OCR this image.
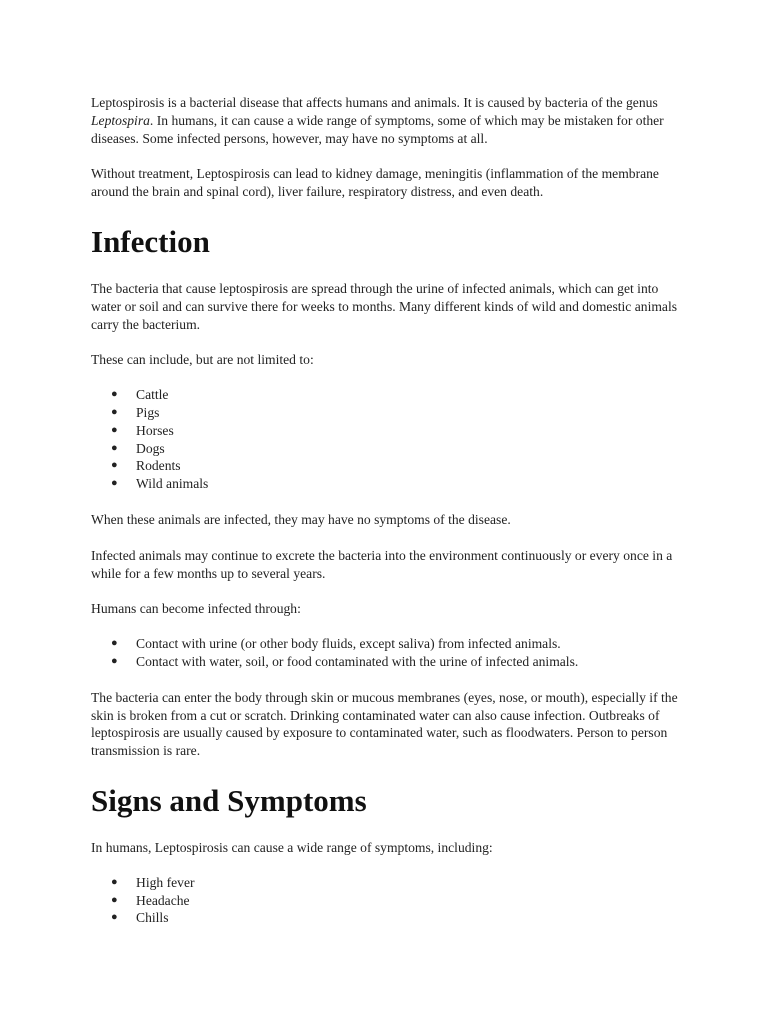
Leptospirosis is a bacterial disease that affects humans and animals. It is caused by bacteria of the genus Leptospira. In humans, it can cause a wide range of symptoms, some of which may be mistaken for other diseases. Some infected persons, however, may have no symptoms at all.

Without treatment, Leptospirosis can lead to kidney damage, meningitis (inflammation of the membrane around the brain and spinal cord), liver failure, respiratory distress, and even death.

Infection

The bacteria that cause leptospirosis are spread through the urine of infected animals, which can get into water or soil and can survive there for weeks to months. Many different kinds of wild and domestic animals carry the bacterium.

These can include, but are not limited to:

● Cattle
● Pigs
● Horses
● Dogs
● Rodents
● Wild animals

When these animals are infected, they may have no symptoms of the disease.

Infected animals may continue to excrete the bacteria into the environment continuously or every once in a while for a few months up to several years.

Humans can become infected through:

● Contact with urine (or other body fluids, except saliva) from infected animals.
● Contact with water, soil, or food contaminated with the urine of infected animals.

The bacteria can enter the body through skin or mucous membranes (eyes, nose, or mouth), especially if the skin is broken from a cut or scratch. Drinking contaminated water can also cause infection. Outbreaks of leptospirosis are usually caused by exposure to contaminated water, such as floodwaters. Person to person transmission is rare.

Signs and Symptoms

In humans, Leptospirosis can cause a wide range of symptoms, including:

● High fever
● Headache
● Chills
